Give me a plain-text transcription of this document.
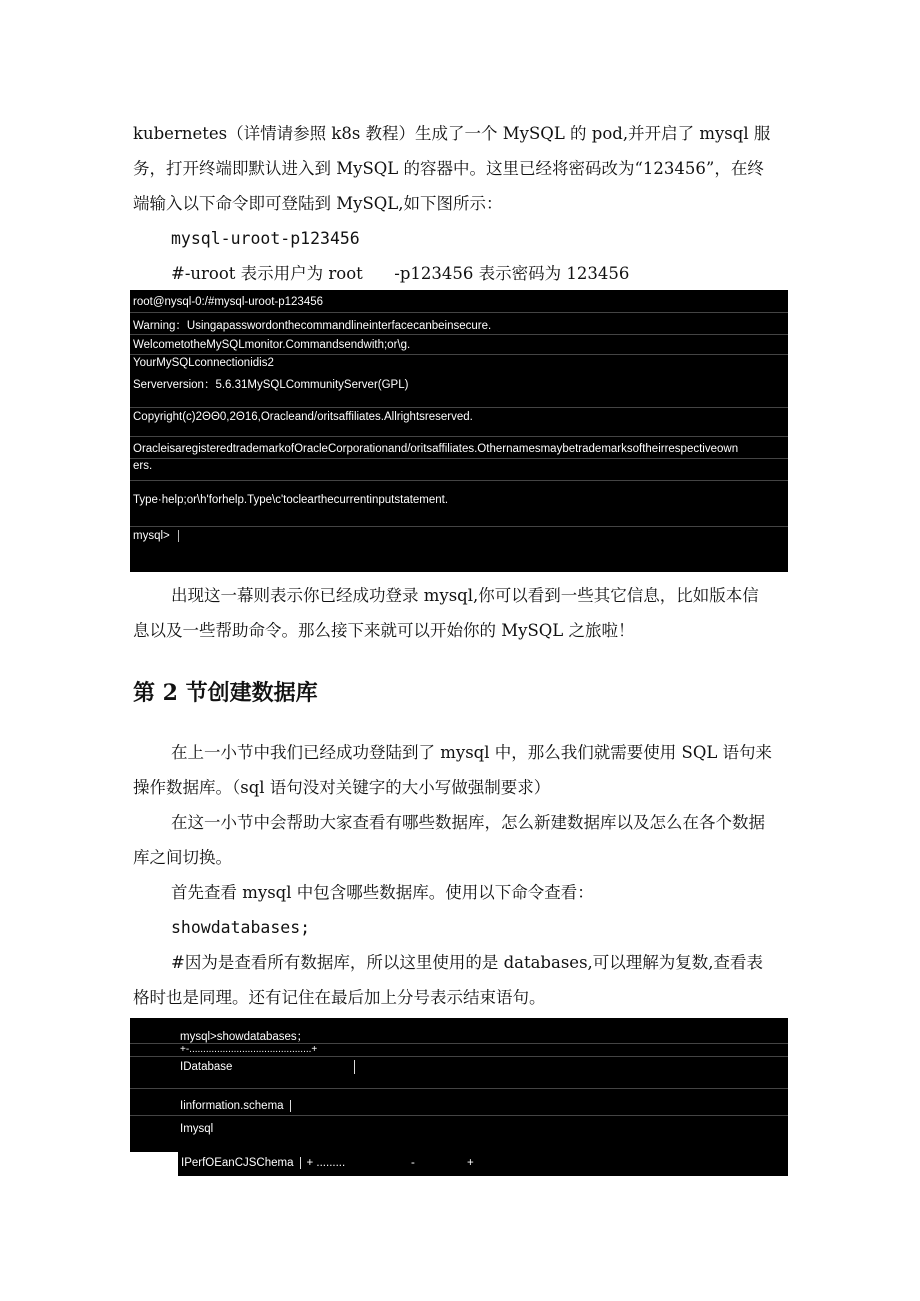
kubernetes（详情请参照 k8s 教程）生成了一个 MySQL 的 pod,并开启了 mysql 服
务，打开终端即默认进入到 MySQL 的容器中。这里已经将密码改为“123456”，在终
端输入以下命令即可登陆到 MySQL,如下图所示：
mysql-uroot-p123456
#-uroot 表示用户为 root      -p123456 表示密码为 123456
root@nysql-0:/#mysql-uroot-p123456
Warning：Usingapasswordonthecommandlineinterfacecanbeinsecure.
WelcometotheMySQLmonitor.Commandsendwith;or\g.
YourMySQLconnectionidis2
Serverversion：5.6.31MySQLCommunityServer(GPL)
Copyright(c)2ΘΘ0,2Θ16,Oracleand/oritsaffiliates.Allrightsreserved.
OracleisaregisteredtrademarkofOracleCorporationand/oritsaffiliates.Othernamesmaybetrademarksoftheirrespectiveown
ers.
Type·help;or\h'forhelp.Type\c'toclearthecurrentinputstatement.
mysql>
出现这一幕则表示你已经成功登录 mysql,你可以看到一些其它信息，比如版本信
息以及一些帮助命令。那么接下来就可以开始你的 MySQL 之旅啦！
第 2 节创建数据库
在上一小节中我们已经成功登陆到了 mysql 中，那么我们就需要使用 SQL 语句来
操作数据库。（sql 语句没对关键字的大小写做强制要求）
在这一小节中会帮助大家查看有哪些数据库，怎么新建数据库以及怎么在各个数据
库之间切换。
首先查看 mysql 中包含哪些数据库。使用以下命令查看：
showdatabases;
#因为是查看所有数据库，所以这里使用的是 databases,可以理解为复数,查看表
格时也是同理。还有记住在最后加上分号表示结束语句。
mysql>showdatabases；
+-............................................+
IDatabase
Iinformation.schema
Imysql
IPerfOEanCJSChema + .........	-	+
